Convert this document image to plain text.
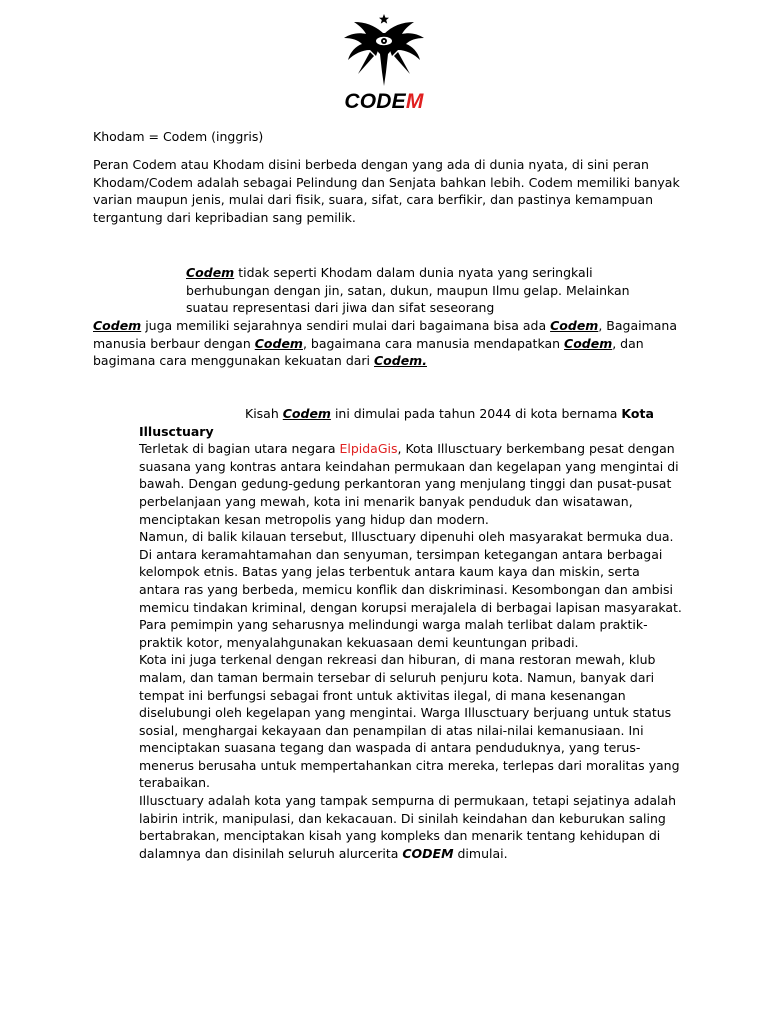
CODEM

Khodam = Codem (inggris)

Peran Codem atau Khodam disini berbeda dengan yang ada di dunia nyata, di sini peran Khodam/Codem adalah sebagai Pelindung dan Senjata bahkan lebih. Codem memiliki banyak varian maupun jenis, mulai dari fisik, suara, sifat, cara berfikir, dan pastinya kemampuan tergantung dari kepribadian sang pemilik.

Codem tidak seperti Khodam dalam dunia nyata yang seringkali berhubungan dengan jin, satan, dukun, maupun Ilmu gelap. Melainkan suatau representasi dari jiwa dan sifat seseorang

Codem juga memiliki sejarahnya sendiri mulai dari bagaimana bisa ada Codem, Bagaimana manusia berbaur dengan Codem, bagaimana cara manusia mendapatkan Codem, dan bagimana cara menggunakan kekuatan dari Codem.

Kisah Codem ini dimulai pada tahun 2044 di kota bernama Kota Illusctuary
Terletak di bagian utara negara ElpidaGis, Kota Illusctuary berkembang pesat dengan suasana yang kontras antara keindahan permukaan dan kegelapan yang mengintai di bawah. Dengan gedung-gedung perkantoran yang menjulang tinggi dan pusat-pusat perbelanjaan yang mewah, kota ini menarik banyak penduduk dan wisatawan, menciptakan kesan metropolis yang hidup dan modern.
Namun, di balik kilauan tersebut, Illusctuary dipenuhi oleh masyarakat bermuka dua. Di antara keramahtamahan dan senyuman, tersimpan ketegangan antara berbagai kelompok etnis. Batas yang jelas terbentuk antara kaum kaya dan miskin, serta antara ras yang berbeda, memicu konflik dan diskriminasi. Kesombongan dan ambisi memicu tindakan kriminal, dengan korupsi merajalela di berbagai lapisan masyarakat. Para pemimpin yang seharusnya melindungi warga malah terlibat dalam praktik-praktik kotor, menyalahgunakan kekuasaan demi keuntungan pribadi.
Kota ini juga terkenal dengan rekreasi dan hiburan, di mana restoran mewah, klub malam, dan taman bermain tersebar di seluruh penjuru kota. Namun, banyak dari tempat ini berfungsi sebagai front untuk aktivitas ilegal, di mana kesenangan diselubungi oleh kegelapan yang mengintai. Warga Illusctuary berjuang untuk status sosial, menghargai kekayaan dan penampilan di atas nilai-nilai kemanusiaan. Ini menciptakan suasana tegang dan waspada di antara penduduknya, yang terus-menerus berusaha untuk mempertahankan citra mereka, terlepas dari moralitas yang terabaikan.
Illusctuary adalah kota yang tampak sempurna di permukaan, tetapi sejatinya adalah labirin intrik, manipulasi, dan kekacauan. Di sinilah keindahan dan keburukan saling bertabrakan, menciptakan kisah yang kompleks dan menarik tentang kehidupan di dalamnya dan disinilah seluruh alurcerita CODEM dimulai.
